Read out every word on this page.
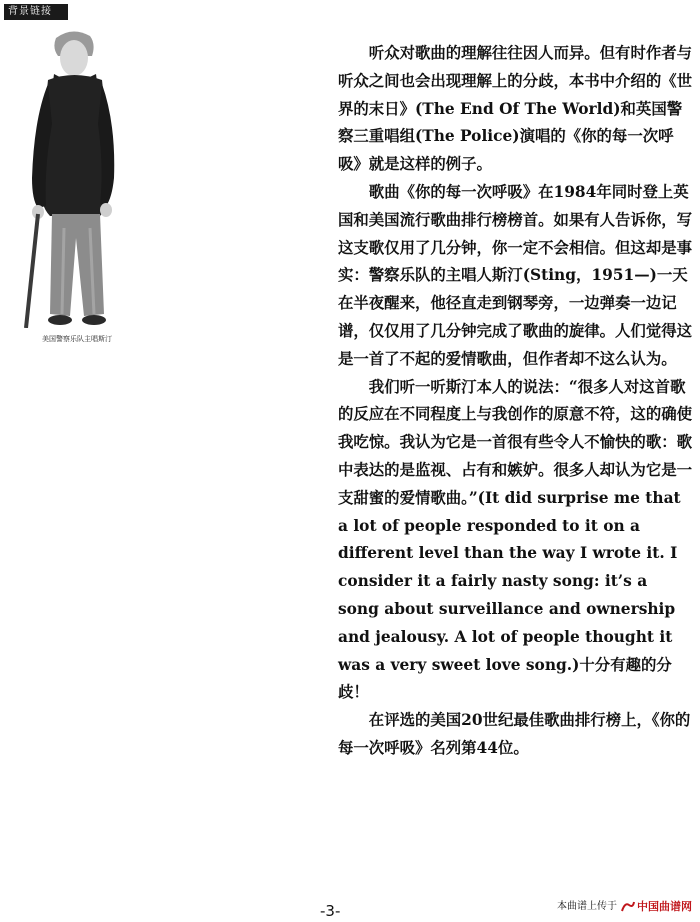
背景链接
美国警察乐队主唱斯汀

听众对歌曲的理解往往因人而异。但有时作者与听众之间也会出现理解上的分歧，本书中介绍的《世界的末日》(The End Of The World)和英国警察三重唱组(The Police)演唱的《你的每一次呼吸》就是这样的例子。

歌曲《你的每一次呼吸》在1984年同时登上英国和美国流行歌曲排行榜榜首。如果有人告诉你，写这支歌仅用了几分钟，你一定不会相信。但这却是事实：警察乐队的主唱人斯汀(Sting，1951—)一天在半夜醒来，他径直走到钢琴旁，一边弹奏一边记谱，仅仅用了几分钟完成了歌曲的旋律。人们觉得这是一首了不起的爱情歌曲，但作者却不这么认为。

我们听一听斯汀本人的说法：“很多人对这首歌的反应在不同程度上与我创作的原意不符，这的确使我吃惊。我认为它是一首很有些令人不愉快的歌：歌中表达的是监视、占有和嫉妒。很多人却认为它是一支甜蜜的爱情歌曲。”(It did surprise me that a lot of people responded to it on a different level than the way I wrote it. I consider it a fairly nasty song: it’s a song about surveillance and ownership and jealousy. A lot of people thought it was a very sweet love song.)十分有趣的分歧！

在评选的美国20世纪最佳歌曲排行榜上，《你的每一次呼吸》名列第44位。

-3-	本曲谱上传于 中国曲谱网
